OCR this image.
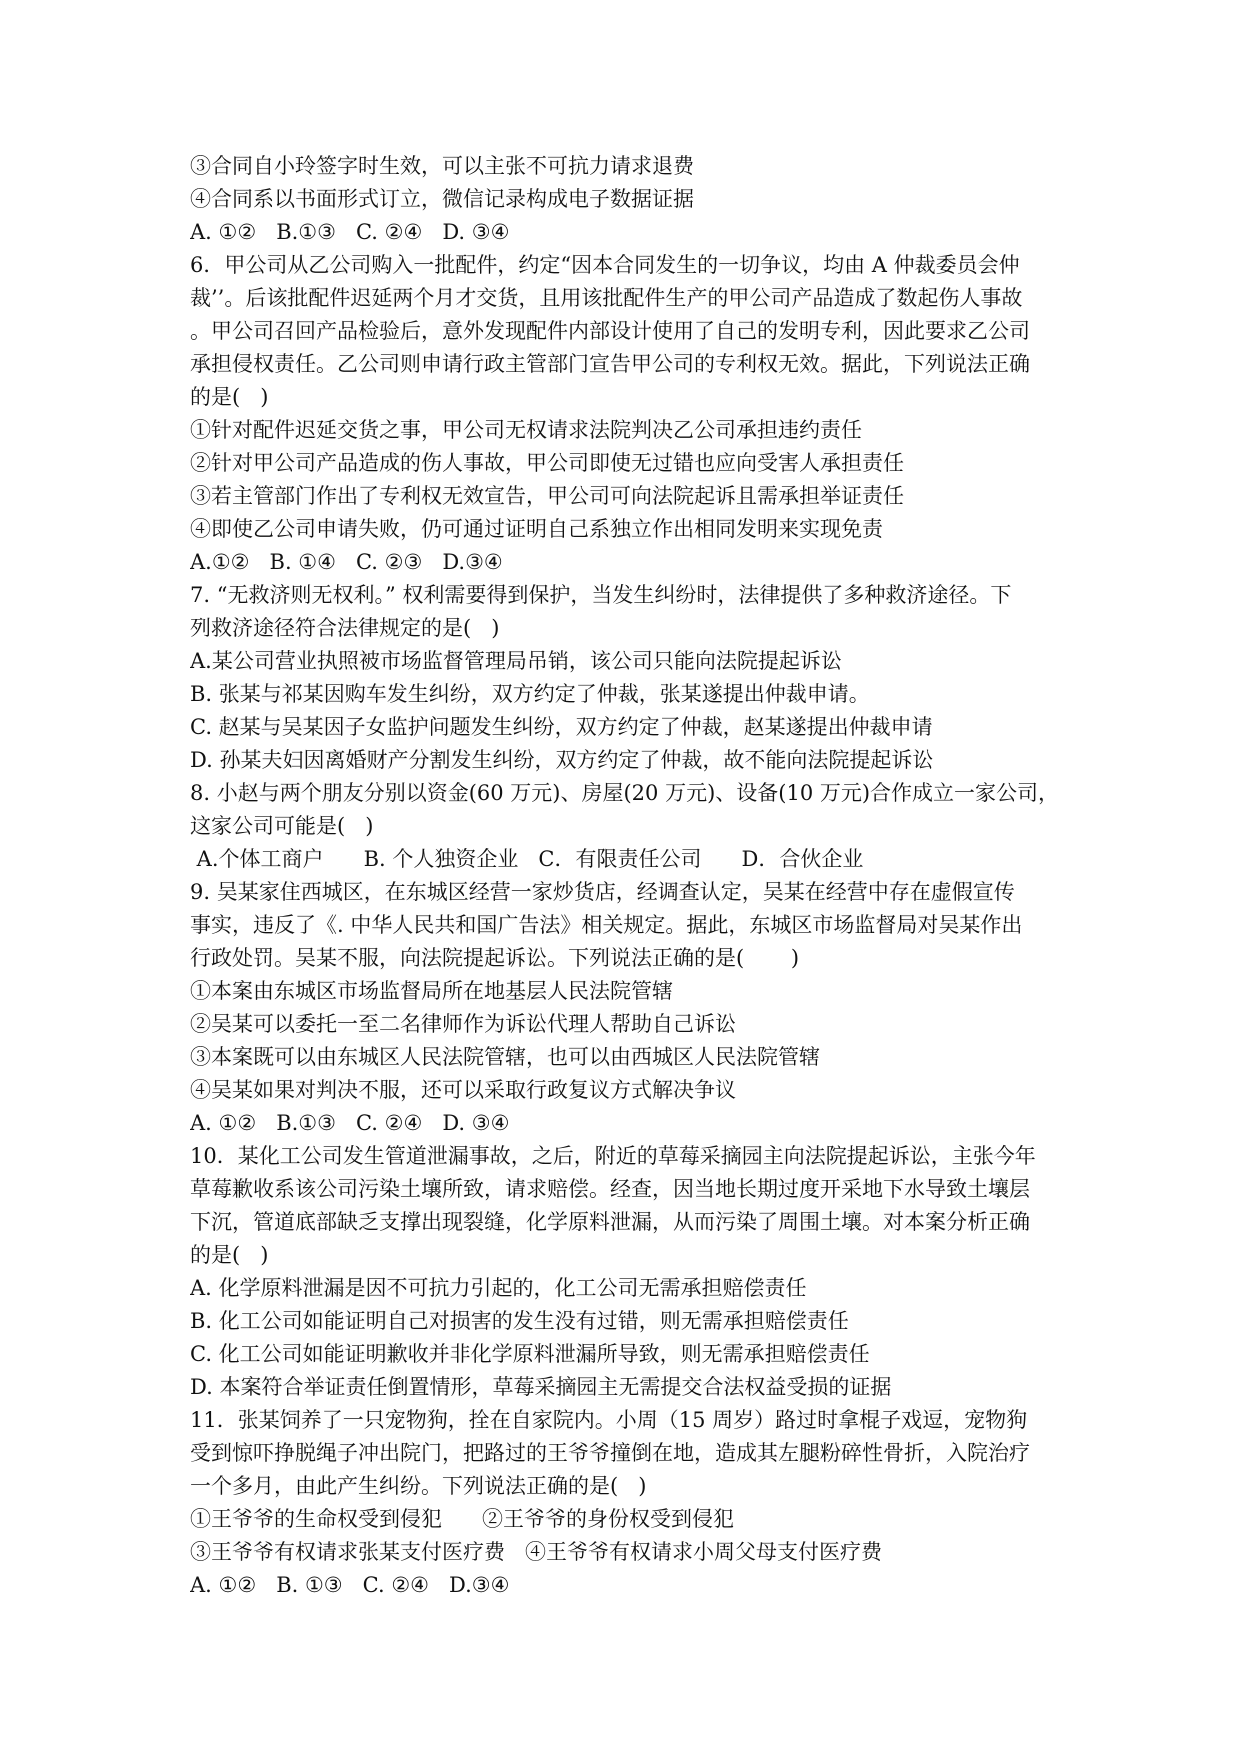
③合同自小玲签字时生效，可以主张不可抗力请求退费
④合同系以书面形式订立，微信记录构成电子数据证据
A. ①②   B.①③   C. ②④   D. ③④
6．甲公司从乙公司购入一批配件，约定“因本合同发生的一切争议，均由 A 仲裁委员会仲
裁’’。后该批配件迟延两个月才交货，且用该批配件生产的甲公司产品造成了数起伤人事故
。甲公司召回产品检验后，意外发现配件内部设计使用了自己的发明专利，因此要求乙公司
承担侵权责任。乙公司则申请行政主管部门宣告甲公司的专利权无效。据此，下列说法正确
的是(   )
①针对配件迟延交货之事，甲公司无权请求法院判决乙公司承担违约责任
②针对甲公司产品造成的伤人事故，甲公司即使无过错也应向受害人承担责任
③若主管部门作出了专利权无效宣告，甲公司可向法院起诉且需承担举证责任
④即使乙公司申请失败，仍可通过证明自己系独立作出相同发明来实现免责
A.①②   B. ①④   C. ②③   D.③④
7. “无救济则无权利。” 权利需要得到保护，当发生纠纷时，法律提供了多种救济途径。下
列救济途径符合法律规定的是(   )
A.某公司营业执照被市场监督管理局吊销，该公司只能向法院提起诉讼
B. 张某与祁某因购车发生纠纷，双方约定了仲裁，张某遂提出仲裁申请。
C. 赵某与吴某因子女监护问题发生纠纷，双方约定了仲裁，赵某遂提出仲裁申请
D. 孙某夫妇因离婚财产分割发生纠纷，双方约定了仲裁，故不能向法院提起诉讼
8. 小赵与两个朋友分别以资金(60 万元)、房屋(20 万元)、设备(10 万元)合作成立一家公司，
这家公司可能是(   )
A.个体工商户      B. 个人独资企业   C．有限责任公司      D．合伙企业
9. 吴某家住西城区，在东城区经营一家炒货店，经调查认定，吴某在经营中存在虚假宣传
事实，违反了《. 中华人民共和国广告法》相关规定。据此，东城区市场监督局对吴某作出
行政处罚。吴某不服，向法院提起诉讼。下列说法正确的是(       )
①本案由东城区市场监督局所在地基层人民法院管辖
②吴某可以委托一至二名律师作为诉讼代理人帮助自己诉讼
③本案既可以由东城区人民法院管辖，也可以由西城区人民法院管辖
④吴某如果对判决不服，还可以采取行政复议方式解决争议
A. ①②   B.①③   C. ②④   D. ③④
10．某化工公司发生管道泄漏事故，之后，附近的草莓采摘园主向法院提起诉讼，主张今年
草莓歉收系该公司污染土壤所致，请求赔偿。经查，因当地长期过度开采地下水导致土壤层
下沉，管道底部缺乏支撑出现裂缝，化学原料泄漏，从而污染了周围土壤。对本案分析正确
的是(   )
A. 化学原料泄漏是因不可抗力引起的，化工公司无需承担赔偿责任
B. 化工公司如能证明自己对损害的发生没有过错，则无需承担赔偿责任
C. 化工公司如能证明歉收并非化学原料泄漏所导致，则无需承担赔偿责任
D. 本案符合举证责任倒置情形，草莓采摘园主无需提交合法权益受损的证据
11．张某饲养了一只宠物狗，拴在自家院内。小周（15 周岁）路过时拿棍子戏逗，宠物狗
受到惊吓挣脱绳子冲出院门，把路过的王爷爷撞倒在地，造成其左腿粉碎性骨折，入院治疗
一个多月，由此产生纠纷。下列说法正确的是(   )
①王爷爷的生命权受到侵犯      ②王爷爷的身份权受到侵犯
③王爷爷有权请求张某支付医疗费   ④王爷爷有权请求小周父母支付医疗费
A. ①②   B. ①③   C. ②④   D.③④
